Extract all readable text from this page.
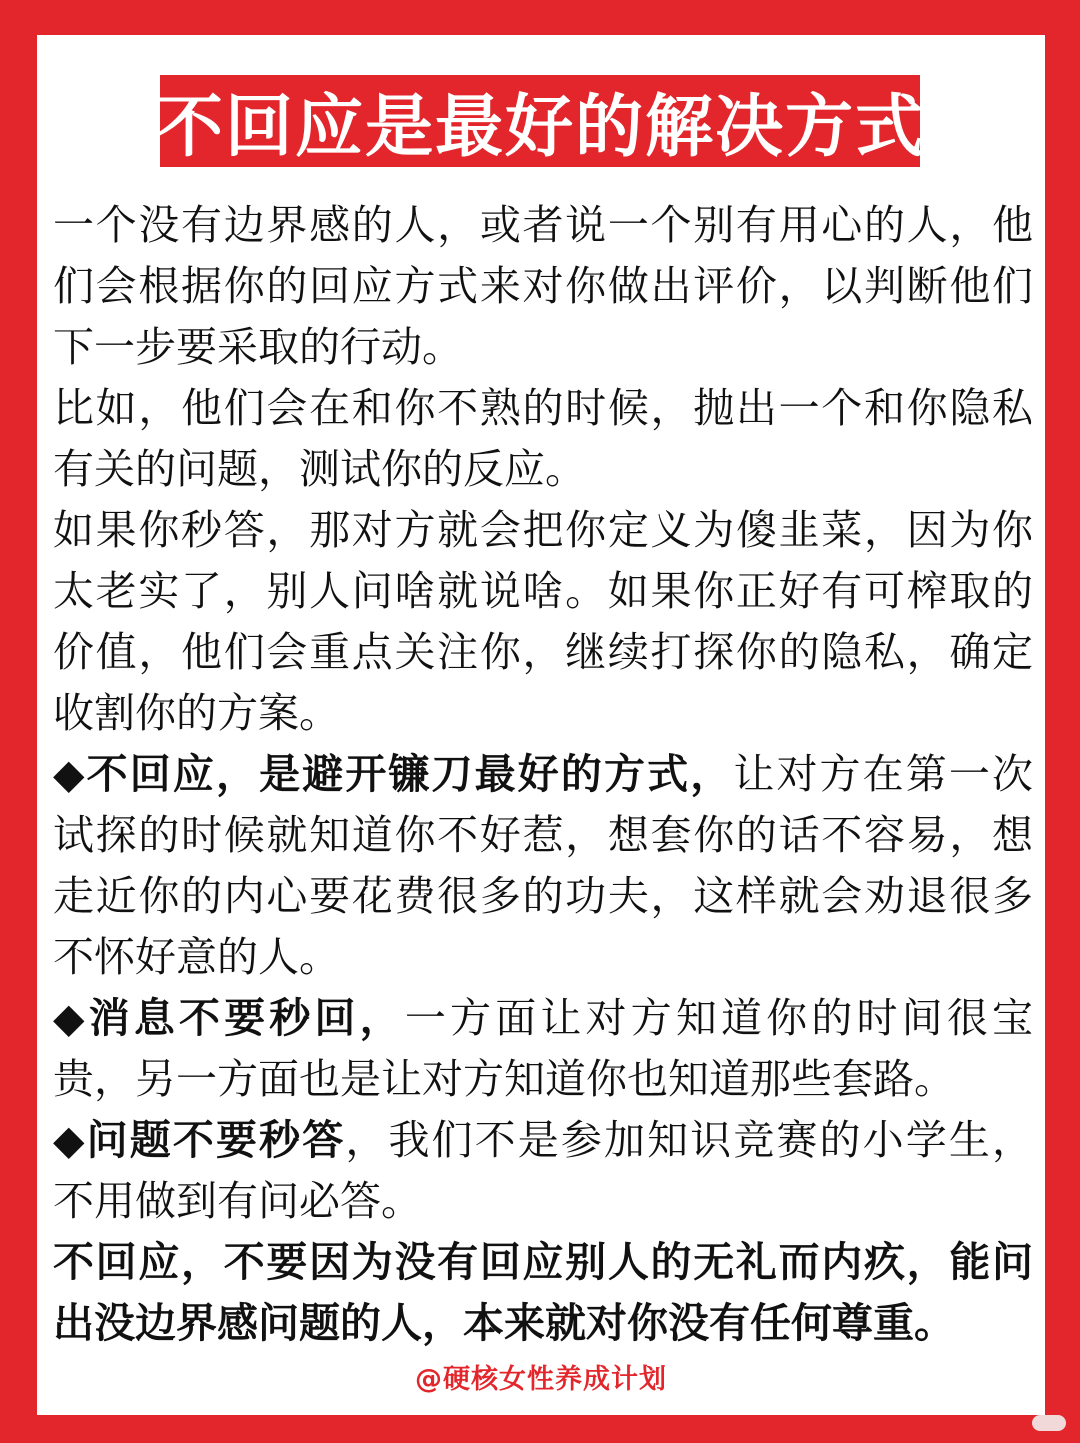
不回应是最好的解决方式
一个没有边界感的人，或者说一个别有用心的人，他
们会根据你的回应方式来对你做出评价，以判断他们
下一步要采取的行动。
比如，他们会在和你不熟的时候，抛出一个和你隐私
有关的问题，测试你的反应。
如果你秒答，那对方就会把你定义为傻韭菜，因为你
太老实了，别人问啥就说啥。如果你正好有可榨取的
价值，他们会重点关注你，继续打探你的隐私，确定
收割你的方案。
◆不回应，是避开镰刀最好的方式，让对方在第一次
试探的时候就知道你不好惹，想套你的话不容易，想
走近你的内心要花费很多的功夫，这样就会劝退很多
不怀好意的人。
◆消息不要秒回，一方面让对方知道你的时间很宝
贵，另一方面也是让对方知道你也知道那些套路。
◆问题不要秒答，我们不是参加知识竞赛的小学生，
不用做到有问必答。
不回应，不要因为没有回应别人的无礼而内疚，能问
出没边界感问题的人，本来就对你没有任何尊重。
@硬核女性养成计划
